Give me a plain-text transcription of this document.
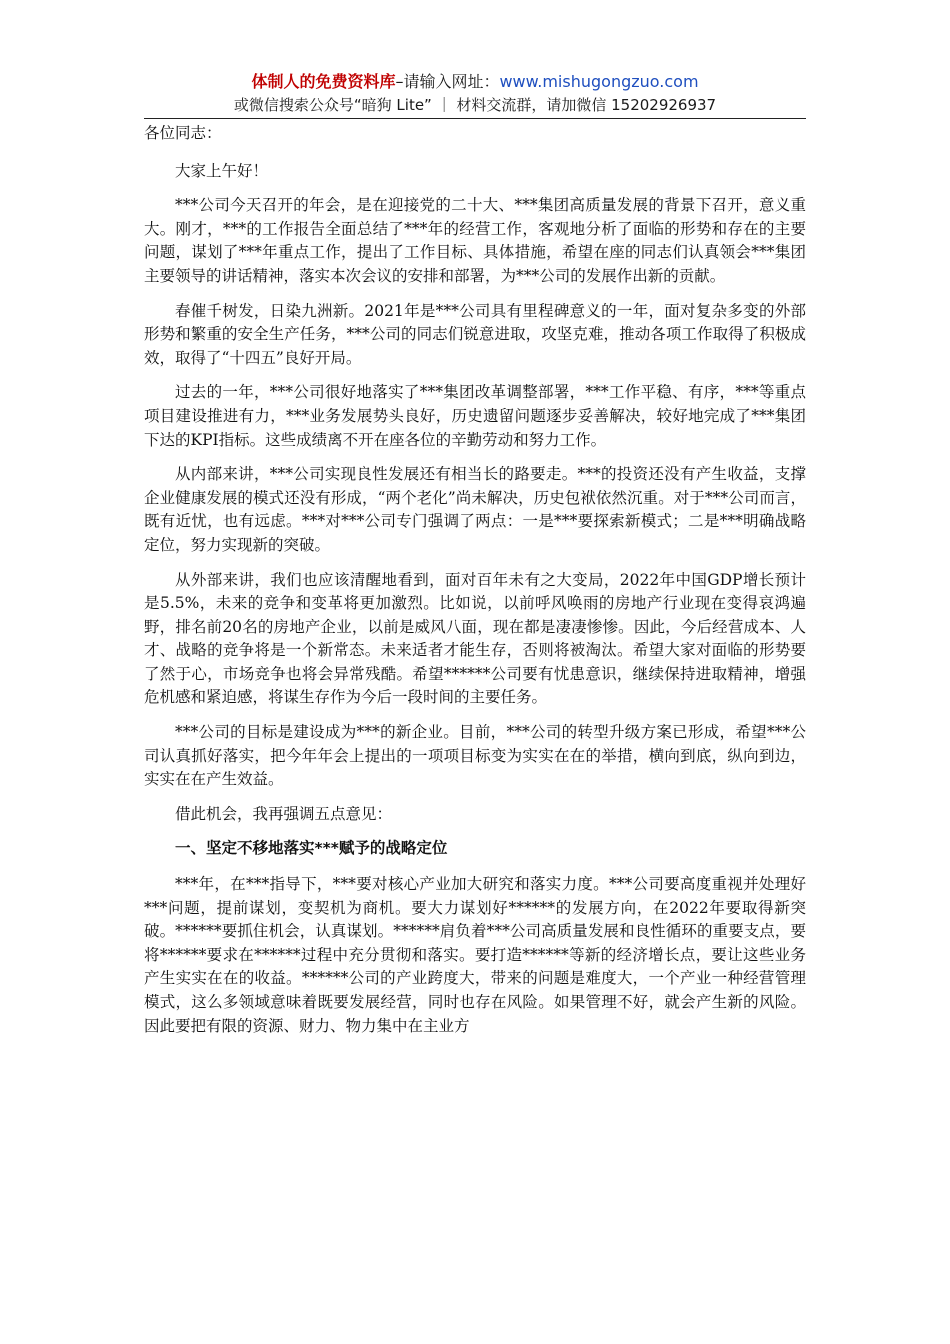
体制人的免费资料库–请输入网址：www.mishugongzuo.com
或微信搜索公众号“暗狗 Lite” ｜ 材料交流群，请加微信 15202926937
各位同志：

大家上午好！

***公司今天召开的年会，是在迎接党的二十大、***集团高质量发展的背景下召开，意义重大。刚才，***的工作报告全面总结了***年的经营工作，客观地分析了面临的形势和存在的主要问题，谋划了***年重点工作，提出了工作目标、具体措施，希望在座的同志们认真领会***集团主要领导的讲话精神，落实本次会议的安排和部署，为***公司的发展作出新的贡献。

春催千树发，日染九洲新。2021年是***公司具有里程碑意义的一年，面对复杂多变的外部形势和繁重的安全生产任务，***公司的同志们锐意进取，攻坚克难，推动各项工作取得了积极成效，取得了“十四五”良好开局。

过去的一年，***公司很好地落实了***集团改革调整部署，***工作平稳、有序，***等重点项目建设推进有力，***业务发展势头良好，历史遗留问题逐步妥善解决，较好地完成了***集团下达的KPI指标。这些成绩离不开在座各位的辛勤劳动和努力工作。

从内部来讲，***公司实现良性发展还有相当长的路要走。***的投资还没有产生收益，支撑企业健康发展的模式还没有形成，“两个老化”尚未解决，历史包袱依然沉重。对于***公司而言，既有近忧，也有远虑。***对***公司专门强调了两点：一是***要探索新模式；二是***明确战略定位，努力实现新的突破。

从外部来讲，我们也应该清醒地看到，面对百年未有之大变局，2022年中国GDP增长预计是5.5%，未来的竞争和变革将更加激烈。比如说，以前呼风唤雨的房地产行业现在变得哀鸿遍野，排名前20名的房地产企业，以前是威风八面，现在都是凄凄惨惨。因此，今后经营成本、人才、战略的竞争将是一个新常态。未来适者才能生存，否则将被淘汰。希望大家对面临的形势要了然于心，市场竞争也将会异常残酷。希望******公司要有忧患意识，继续保持进取精神，增强危机感和紧迫感，将谋生存作为今后一段时间的主要任务。

***公司的目标是建设成为***的新企业。目前，***公司的转型升级方案已形成，希望***公司认真抓好落实，把今年年会上提出的一项项目标变为实实在在的举措，横向到底，纵向到边，实实在在产生效益。

借此机会，我再强调五点意见：

一、坚定不移地落实***赋予的战略定位

***年，在***指导下，***要对核心产业加大研究和落实力度。***公司要高度重视并处理好***问题，提前谋划，变契机为商机。要大力谋划好******的发展方向，在2022年要取得新突破。******要抓住机会，认真谋划。******肩负着***公司高质量发展和良性循环的重要支点，要将******要求在******过程中充分贯彻和落实。要打造******等新的经济增长点，要让这些业务产生实实在在的收益。******公司的产业跨度大，带来的问题是难度大，一个产业一种经营管理模式，这么多领域意味着既要发展经营，同时也存在风险。如果管理不好，就会产生新的风险。因此要把有限的资源、财力、物力集中在主业方
